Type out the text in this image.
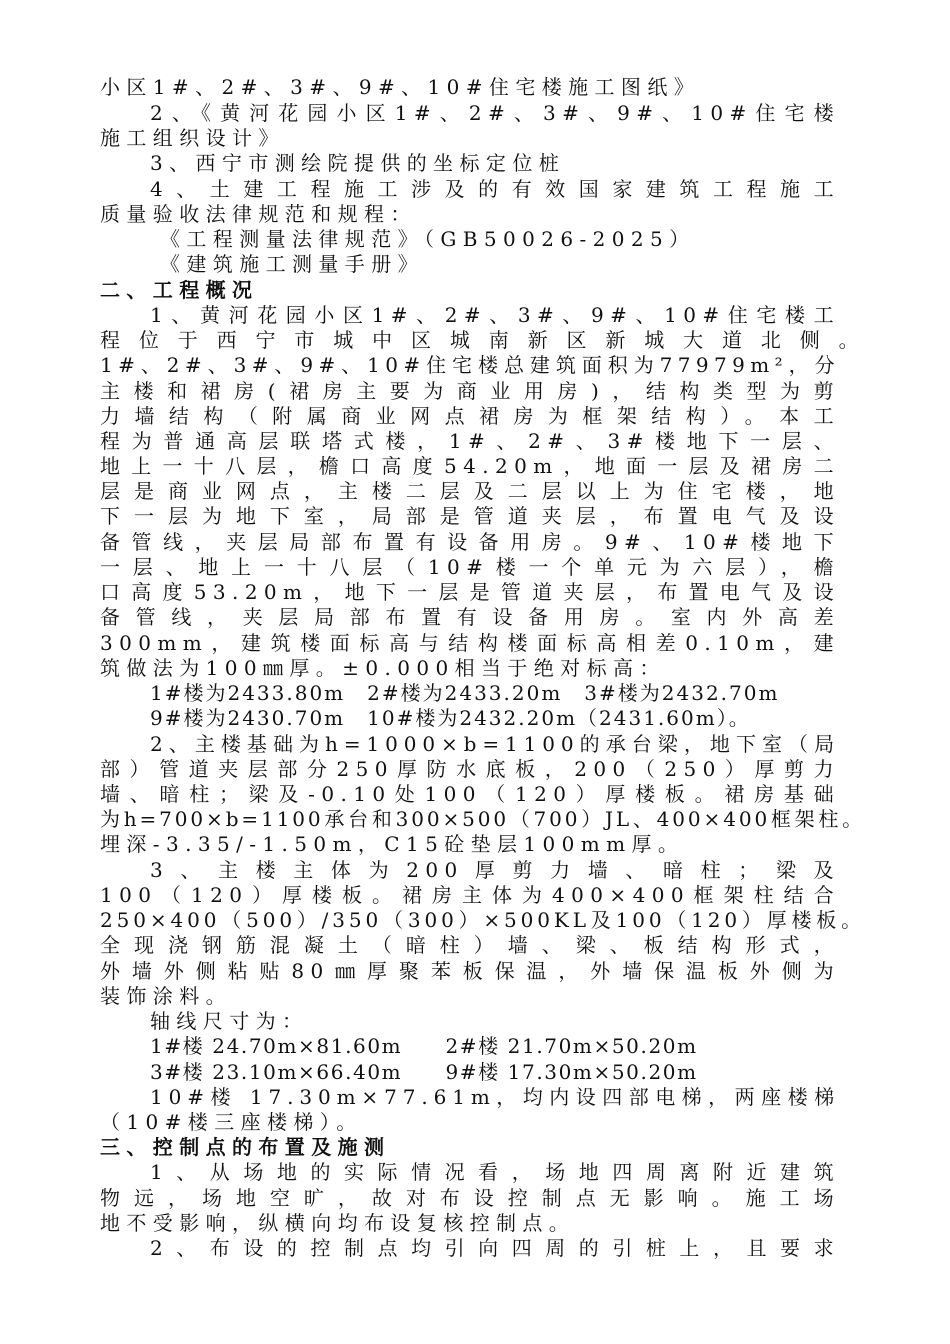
小区1#、2#、3#、9#、10#住宅楼施工图纸》
2、《黄河花园小区1#、2#、3#、9#、10#住宅楼
施工组织设计》
3、西宁市测绘院提供的坐标定位桩
4、土建工程施工涉及的有效国家建筑工程施工
质量验收法律规范和规程：
《工程测量法律规范》（GB50026-2025）
《建筑施工测量手册》
二、工程概况
1、黄河花园小区1#、2#、3#、9#、10#住宅楼工
程位于西宁市城中区城南新区新城大道北侧。
1#、2#、3#、9#、10#住宅楼总建筑面积为77979m²，分
主楼和裙房(裙房主要为商业用房)，结构类型为剪
力墙结构（附属商业网点裙房为框架结构）。本工
程为普通高层联塔式楼，1#、2#、3#楼地下一层、
地上一十八层，檐口高度54.20m，地面一层及裙房二
层是商业网点，主楼二层及二层以上为住宅楼，地
下一层为地下室，局部是管道夹层，布置电气及设
备管线，夹层局部布置有设备用房。9#、10#楼地下
一层、地上一十八层（10#楼一个单元为六层），檐
口高度53.20m，地下一层是管道夹层，布置电气及设
备管线，夹层局部布置有设备用房。室内外高差
300mm，建筑楼面标高与结构楼面标高相差0.10m，建
筑做法为100㎜厚。±0.000相当于绝对标高：
1#楼为2433.80m　2#楼为2433.20m　3#楼为2432.70m
9#楼为2430.70m　10#楼为2432.20m（2431.60m）。
2、主楼基础为h=1000×b=1100的承台梁，地下室（局
部）管道夹层部分250厚防水底板，200（250）厚剪力
墙、暗柱；梁及-0.10处100（120）厚楼板。裙房基础
为h=700×b=1100承台和300×500（700）JL、400×400框架柱。
埋深-3.35/-1.50m，C15砼垫层100mm厚。
3、主楼主体为200厚剪力墙、暗柱；梁及
100（120）厚楼板。裙房主体为400×400框架柱结合
250×400（500）/350（300）×500KL及100（120）厚楼板。
全现浇钢筋混凝土（暗柱）墙、梁、板结构形式，
外墙外侧粘贴80㎜厚聚苯板保温，外墙保温板外侧为
装饰涂料。
轴线尺寸为：
1#楼 24.70m×81.60m　　2#楼 21.70m×50.20m
3#楼 23.10m×66.40m　　9#楼 17.30m×50.20m
10#楼 17.30m×77.61m，均内设四部电梯，两座楼梯
（10#楼三座楼梯）。
三、控制点的布置及施测
1、从场地的实际情况看，场地四周离附近建筑
物远，场地空旷，故对布设控制点无影响。施工场
地不受影响，纵横向均布设复核控制点。
2、布设的控制点均引向四周的引桩上，且要求
